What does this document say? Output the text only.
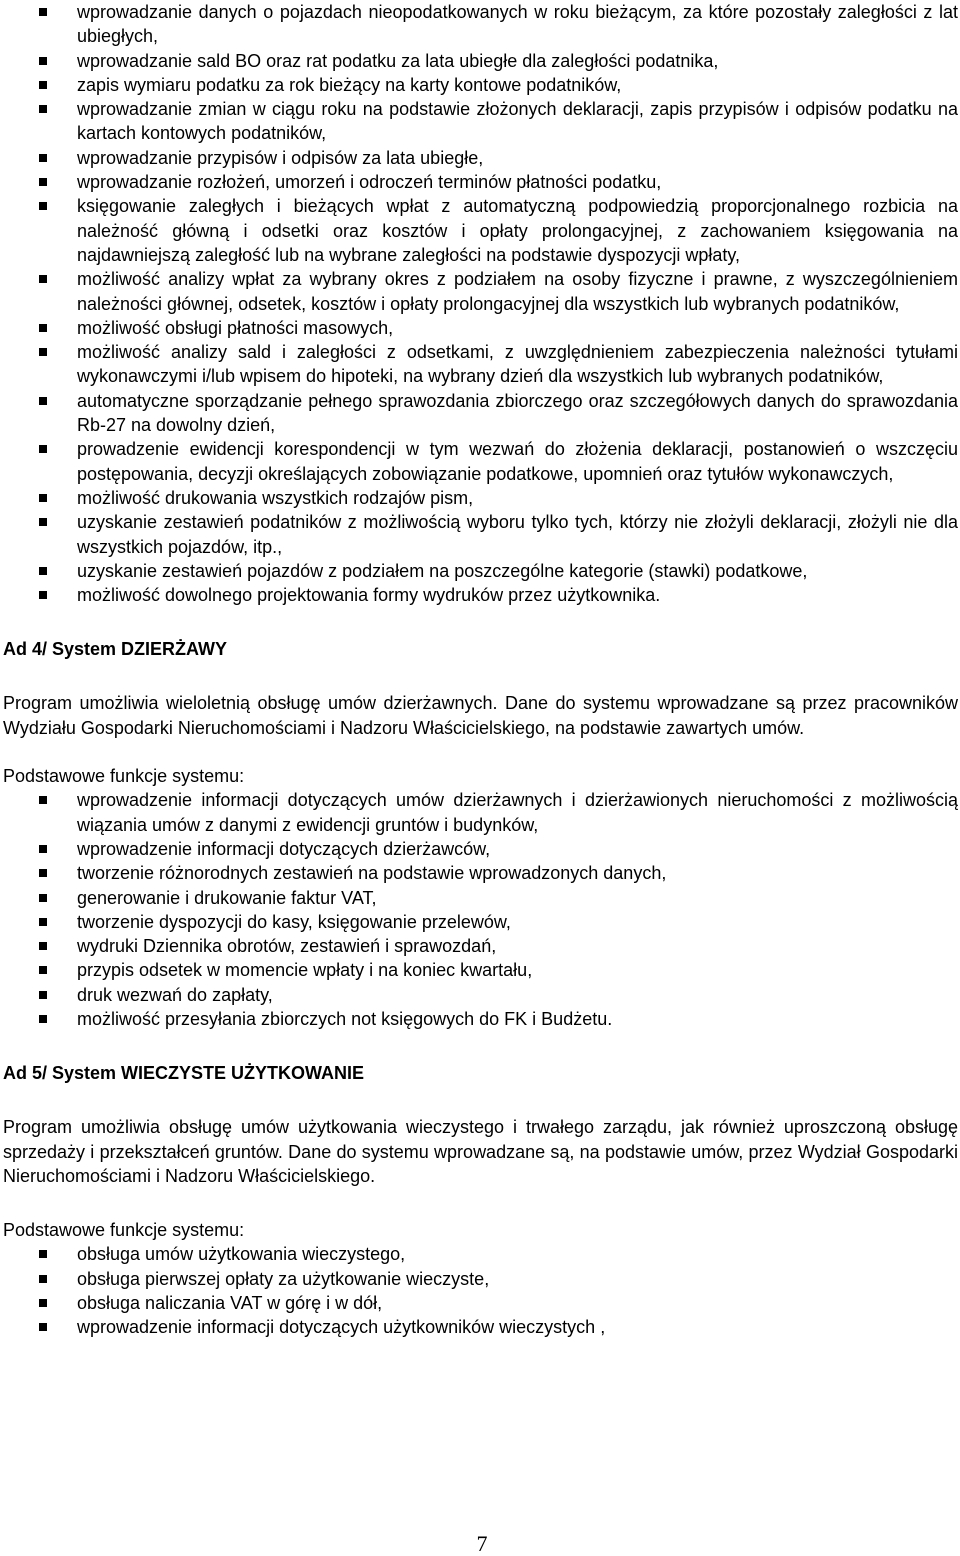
wprowadzanie danych o pojazdach nieopodatkowanych w roku bieżącym, za które pozostały zaległości z lat ubiegłych,
wprowadzanie sald BO oraz rat podatku za lata ubiegłe dla zaległości podatnika,
zapis wymiaru podatku za rok bieżący na karty kontowe podatników,
wprowadzanie zmian w ciągu roku na podstawie złożonych deklaracji, zapis przypisów i odpisów podatku na kartach kontowych podatników,
wprowadzanie przypisów i odpisów za lata ubiegłe,
wprowadzanie rozłożeń, umorzeń i odroczeń terminów płatności podatku,
księgowanie zaległych i bieżących wpłat z automatyczną podpowiedzią proporcjonalnego rozbicia na należność główną i odsetki oraz kosztów i opłaty prolongacyjnej, z zachowaniem księgowania na najdawniejszą zaległość lub na wybrane zaległości na podstawie dyspozycji wpłaty,
możliwość analizy wpłat za wybrany okres z podziałem na osoby fizyczne i prawne, z wyszczególnieniem należności głównej, odsetek, kosztów i opłaty prolongacyjnej dla wszystkich lub wybranych podatników,
możliwość obsługi płatności masowych,
możliwość analizy sald i zaległości z odsetkami, z uwzględnieniem zabezpieczenia należności tytułami wykonawczymi i/lub wpisem do hipoteki, na wybrany dzień dla wszystkich lub wybranych podatników,
automatyczne sporządzanie pełnego sprawozdania zbiorczego oraz szczegółowych danych do sprawozdania Rb-27 na dowolny dzień,
prowadzenie ewidencji korespondencji w tym wezwań do złożenia deklaracji, postanowień o wszczęciu postępowania, decyzji określających zobowiązanie podatkowe, upomnień oraz tytułów wykonawczych,
możliwość drukowania wszystkich rodzajów pism,
uzyskanie zestawień podatników z możliwością wyboru tylko tych, którzy nie złożyli deklaracji, złożyli nie dla wszystkich pojazdów, itp.,
uzyskanie zestawień pojazdów z podziałem na poszczególne kategorie (stawki) podatkowe,
możliwość dowolnego projektowania formy wydruków przez użytkownika.
Ad 4/ System DZIERŻAWY

Program umożliwia wieloletnią obsługę umów dzierżawnych. Dane do systemu wprowadzane są przez pracowników Wydziału Gospodarki Nieruchomościami i Nadzoru Właścicielskiego, na podstawie zawartych umów.

Podstawowe funkcje systemu:

wprowadzenie informacji dotyczących umów dzierżawnych i dzierżawionych nieruchomości z możliwością wiązania umów z danymi z ewidencji gruntów i budynków,
wprowadzenie informacji dotyczących dzierżawców,
tworzenie różnorodnych zestawień na podstawie wprowadzonych danych,
generowanie i drukowanie faktur VAT,
tworzenie dyspozycji do kasy, księgowanie przelewów,
wydruki Dziennika obrotów, zestawień i sprawozdań,
przypis odsetek w momencie wpłaty i na koniec kwartału,
druk wezwań do zapłaty,
możliwość przesyłania zbiorczych not księgowych do FK i Budżetu.
Ad 5/ System WIECZYSTE UŻYTKOWANIE

Program umożliwia obsługę umów użytkowania wieczystego i trwałego zarządu, jak również uproszczoną obsługę sprzedaży i przekształceń gruntów. Dane do systemu wprowadzane są, na podstawie umów, przez Wydział Gospodarki Nieruchomościami i Nadzoru Właścicielskiego.

Podstawowe funkcje systemu:

obsługa umów użytkowania wieczystego,
obsługa pierwszej opłaty za użytkowanie wieczyste,
obsługa naliczania VAT w górę i w dół,
wprowadzenie informacji dotyczących użytkowników wieczystych ,
7
